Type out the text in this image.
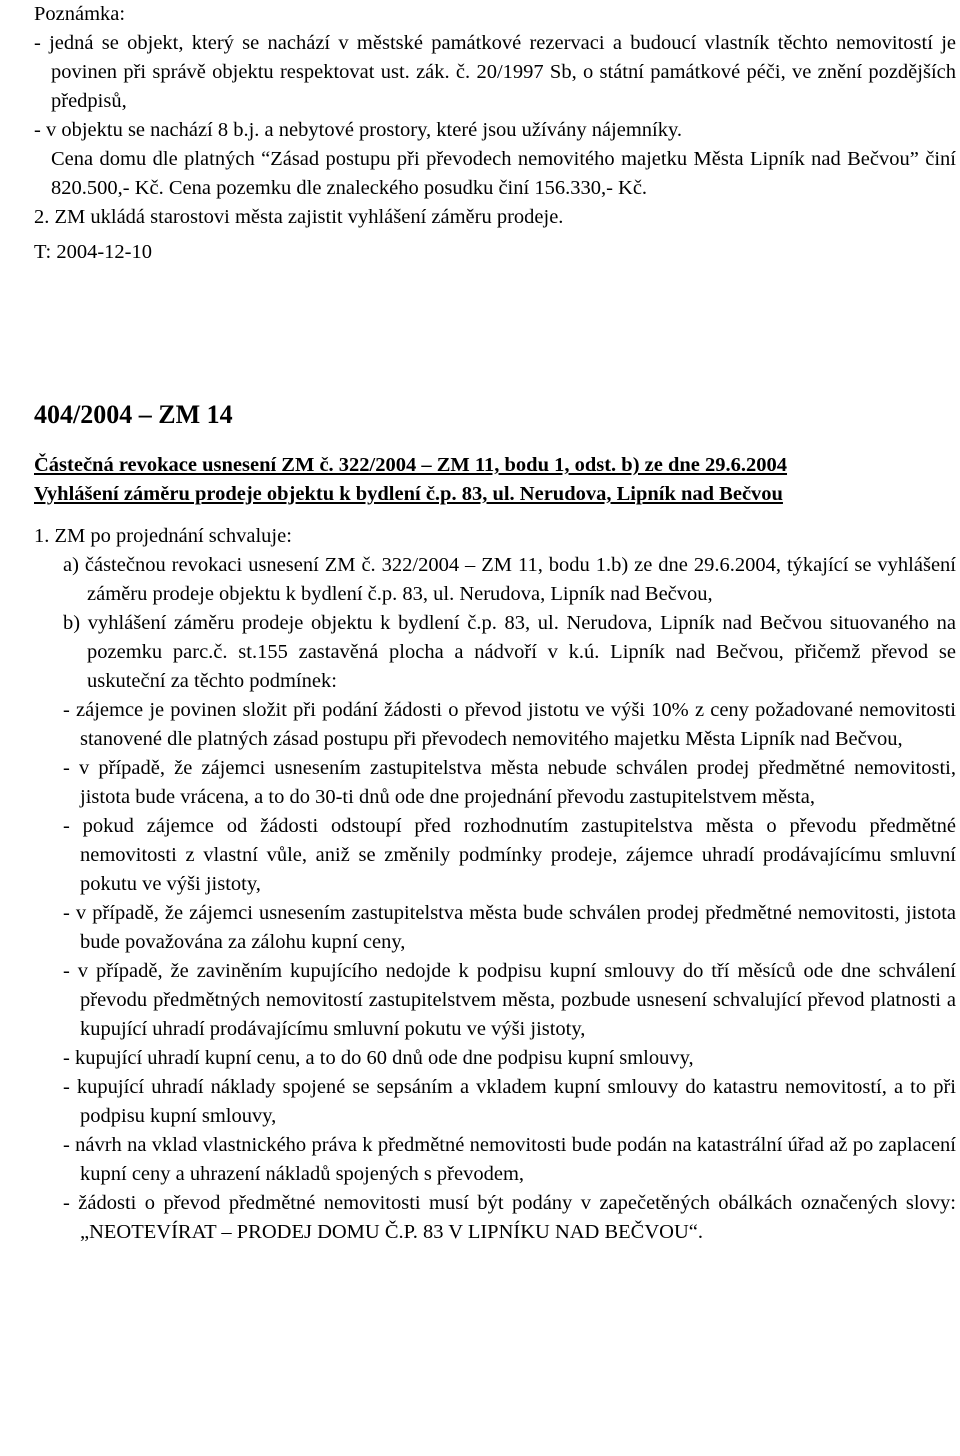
Poznámka:

- jedná se objekt, který se nachází v městské památkové rezervaci a budoucí vlastník těchto nemovitostí je povinen při správě objektu respektovat ust. zák. č. 20/1997 Sb, o státní památkové péči, ve znění pozdějších předpisů,

- v objektu se nachází 8 b.j. a nebytové prostory, které jsou užívány nájemníky.

Cena domu dle platných “Zásad postupu při převodech nemovitého majetku Města Lipník nad Bečvou” činí 820.500,- Kč. Cena pozemku dle znaleckého posudku činí 156.330,- Kč.

2. ZM ukládá starostovi města zajistit vyhlášení záměru prodeje.

T: 2004-12-10

404/2004 – ZM 14

Částečná revokace usnesení ZM č. 322/2004 – ZM 11, bodu 1, odst. b) ze dne 29.6.2004

Vyhlášení záměru prodeje objektu k bydlení č.p. 83, ul. Nerudova, Lipník nad Bečvou

1. ZM po projednání schvaluje:

a) částečnou revokaci usnesení ZM č. 322/2004 – ZM 11, bodu 1.b) ze dne 29.6.2004, týkající se vyhlášení záměru prodeje objektu k bydlení č.p. 83, ul. Nerudova, Lipník nad Bečvou,

b) vyhlášení záměru prodeje objektu k bydlení č.p. 83, ul. Nerudova, Lipník nad Bečvou situovaného na pozemku parc.č. st.155 zastavěná plocha a nádvoří v k.ú. Lipník nad Bečvou, přičemž převod se uskuteční za těchto podmínek:

- zájemce je povinen složit při podání žádosti o převod jistotu ve výši 10% z ceny požadované nemovitosti stanovené dle platných zásad postupu při převodech nemovitého majetku Města Lipník nad Bečvou,

- v případě, že zájemci usnesením zastupitelstva města nebude schválen prodej předmětné nemovitosti, jistota bude vrácena, a to do 30-ti dnů ode dne projednání převodu zastupitelstvem města,

- pokud zájemce od žádosti odstoupí před rozhodnutím zastupitelstva města o převodu předmětné nemovitosti z vlastní vůle, aniž se změnily podmínky prodeje, zájemce uhradí prodávajícímu smluvní pokutu ve výši jistoty,

- v případě, že zájemci usnesením zastupitelstva města bude schválen prodej předmětné nemovitosti, jistota bude považována za zálohu kupní ceny,

- v případě, že zaviněním kupujícího nedojde k podpisu kupní smlouvy do tří měsíců ode dne schválení převodu předmětných nemovitostí zastupitelstvem města, pozbude usnesení schvalující převod platnosti a kupující uhradí prodávajícímu smluvní pokutu ve výši jistoty,

- kupující uhradí kupní cenu, a to do 60 dnů ode dne podpisu kupní smlouvy,

- kupující uhradí náklady spojené se sepsáním a vkladem kupní smlouvy do katastru nemovitostí, a to při podpisu kupní smlouvy,

- návrh na vklad vlastnického práva k předmětné nemovitosti bude podán na katastrální úřad až po zaplacení kupní ceny a uhrazení nákladů spojených s převodem,

- žádosti o převod předmětné nemovitosti musí být podány v zapečetěných obálkách označených slovy: „NEOTEVÍRAT – PRODEJ DOMU Č.P. 83 V LIPNÍKU NAD BEČVOU“.
